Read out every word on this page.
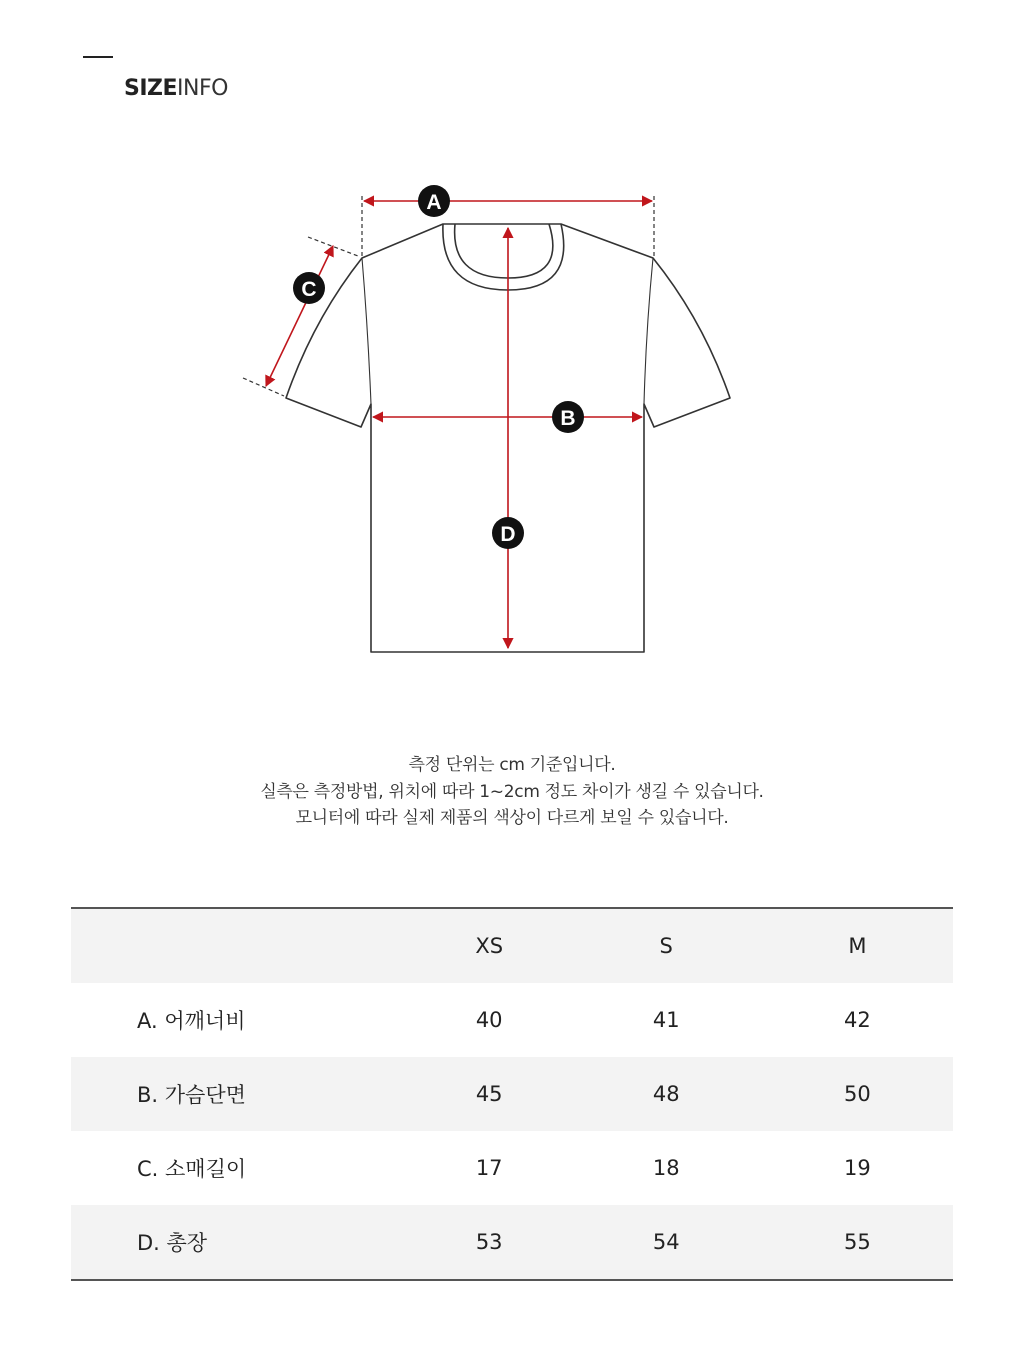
SIZEINFO
A
B
C
D
측정 단위는 cm 기준입니다.
실측은 측정방법, 위치에 따라 1~2cm 정도 차이가 생길 수 있습니다.
모니터에 따라 실제 제품의 색상이 다르게 보일 수 있습니다.
	XS	S	M
A. 어깨너비	40	41	42
B. 가슴단면	45	48	50
C. 소매길이	17	18	19
D. 총장	53	54	55
